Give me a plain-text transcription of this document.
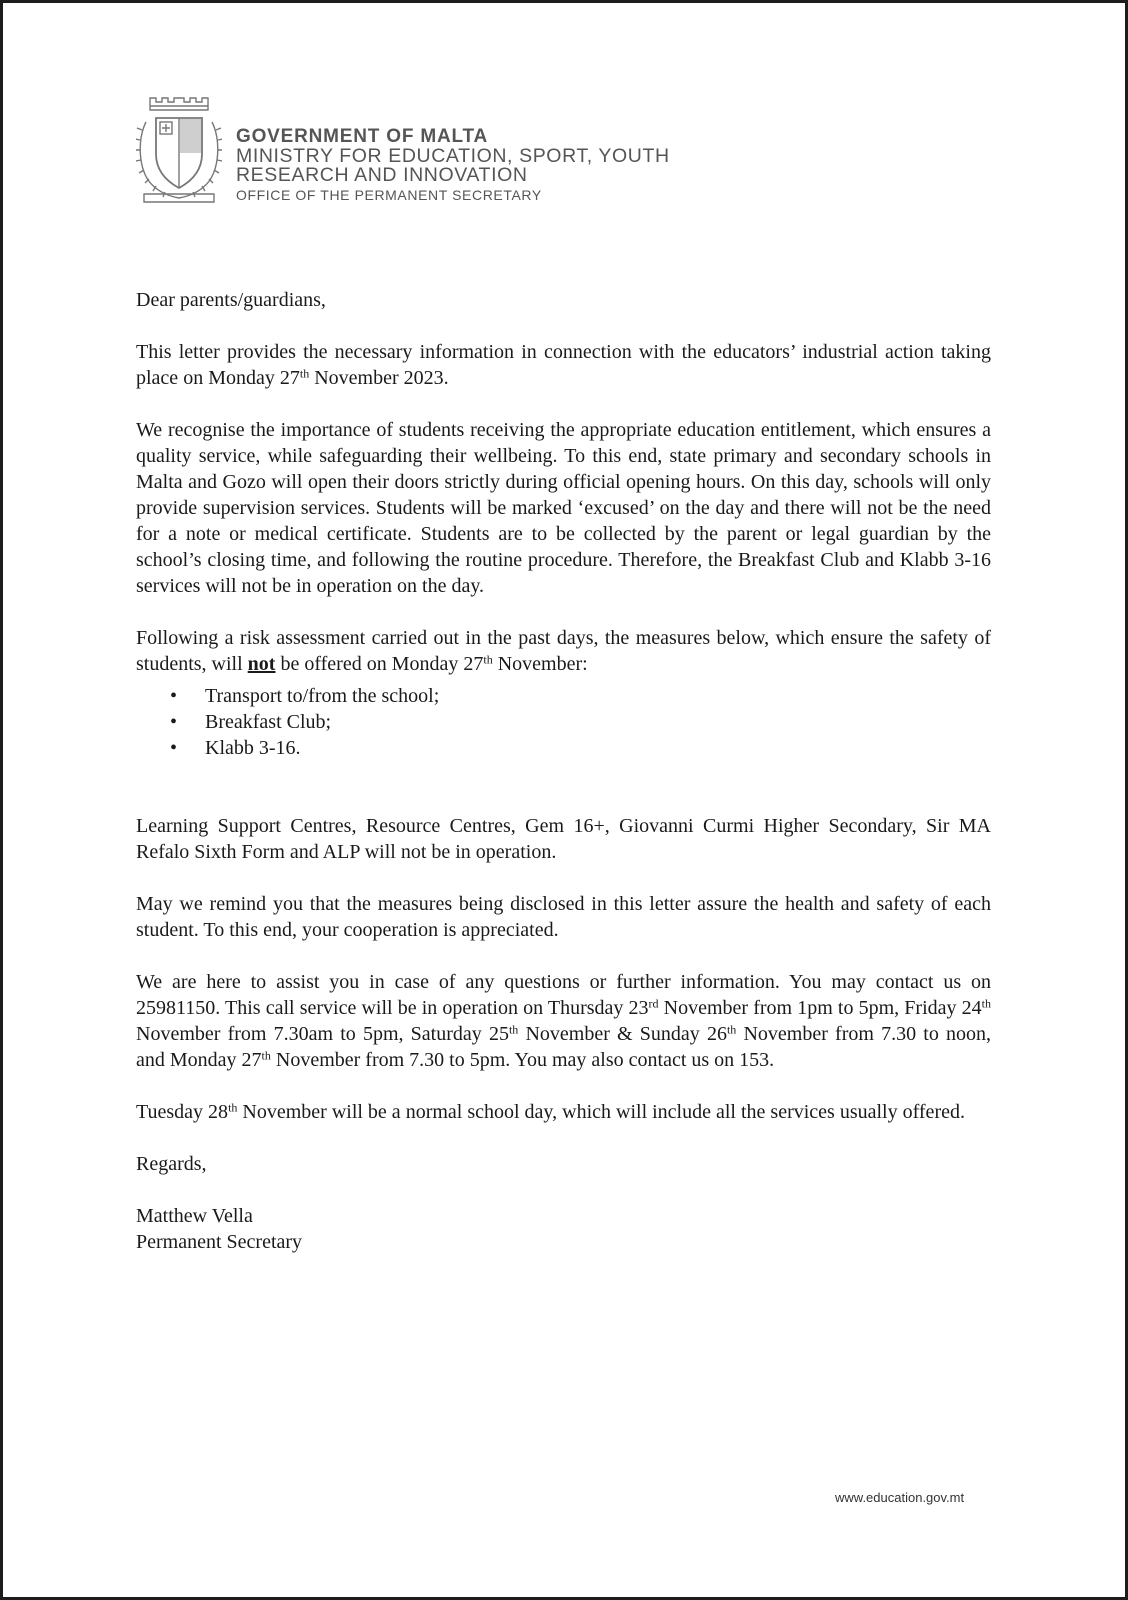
GOVERNMENT OF MALTA
MINISTRY FOR EDUCATION, SPORT, YOUTH
RESEARCH AND INNOVATION
OFFICE OF THE PERMANENT SECRETARY

Dear parents/guardians,

This letter provides the necessary information in connection with the educators’ industrial action taking place on Monday 27th November 2023.

We recognise the importance of students receiving the appropriate education entitlement, which ensures a quality service, while safeguarding their wellbeing. To this end, state primary and secondary schools in Malta and Gozo will open their doors strictly during official opening hours. On this day, schools will only provide supervision services. Students will be marked ‘excused’ on the day and there will not be the need for a note or medical certificate. Students are to be collected by the parent or legal guardian by the school’s closing time, and following the routine procedure. Therefore, the Breakfast Club and Klabb 3-16 services will not be in operation on the day.

Following a risk assessment carried out in the past days, the measures below, which ensure the safety of students, will not be offered on Monday 27th November:

• Transport to/from the school;
• Breakfast Club;
• Klabb 3-16.

Learning Support Centres, Resource Centres, Gem 16+, Giovanni Curmi Higher Secondary, Sir MA Refalo Sixth Form and ALP will not be in operation.

May we remind you that the measures being disclosed in this letter assure the health and safety of each student. To this end, your cooperation is appreciated.

We are here to assist you in case of any questions or further information. You may contact us on 25981150. This call service will be in operation on Thursday 23rd November from 1pm to 5pm, Friday 24th November from 7.30am to 5pm, Saturday 25th November & Sunday 26th November from 7.30 to noon, and Monday 27th November from 7.30 to 5pm. You may also contact us on 153.

Tuesday 28th November will be a normal school day, which will include all the services usually offered.

Regards,

Matthew Vella
Permanent Secretary
www.education.gov.mt
